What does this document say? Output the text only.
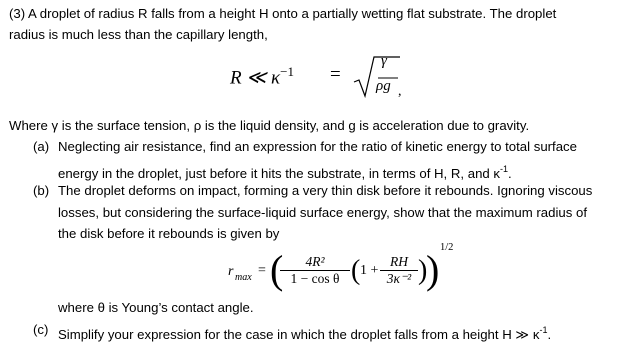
(3) A droplet of radius R falls from a height H onto a partially wetting flat substrate. The droplet
radius is much less than the capillary length,
R ≪ $\kappa^{-1}$ =
γ
ρg ,
Where γ is the surface tension, ρ is the liquid density, and g is acceleration due to gravity.
(a) Neglecting air resistance, find an expression for the ratio of kinetic energy to total surface
energy in the droplet, just before it hits the substrate, in terms of H, R, and $\kappa^{-1}$.
(b) The droplet deforms on impact, forming a very thin disk before it rebounds. Ignoring viscous
losses, but considering the surface-liquid surface energy, show that the maximum radius of
the disk before it rebounds is given by
r max = (
$\frac{\text{4R²}}{\text{1 − cos θ}}$ ( $1 + \frac{RH}{\text{3κ⁻²}}$ )
) 1/2
where θ is Young’s contact angle.
(c) Simplify your expression for the case in which the droplet falls from a height H ≫ $\kappa^{-1}$.
